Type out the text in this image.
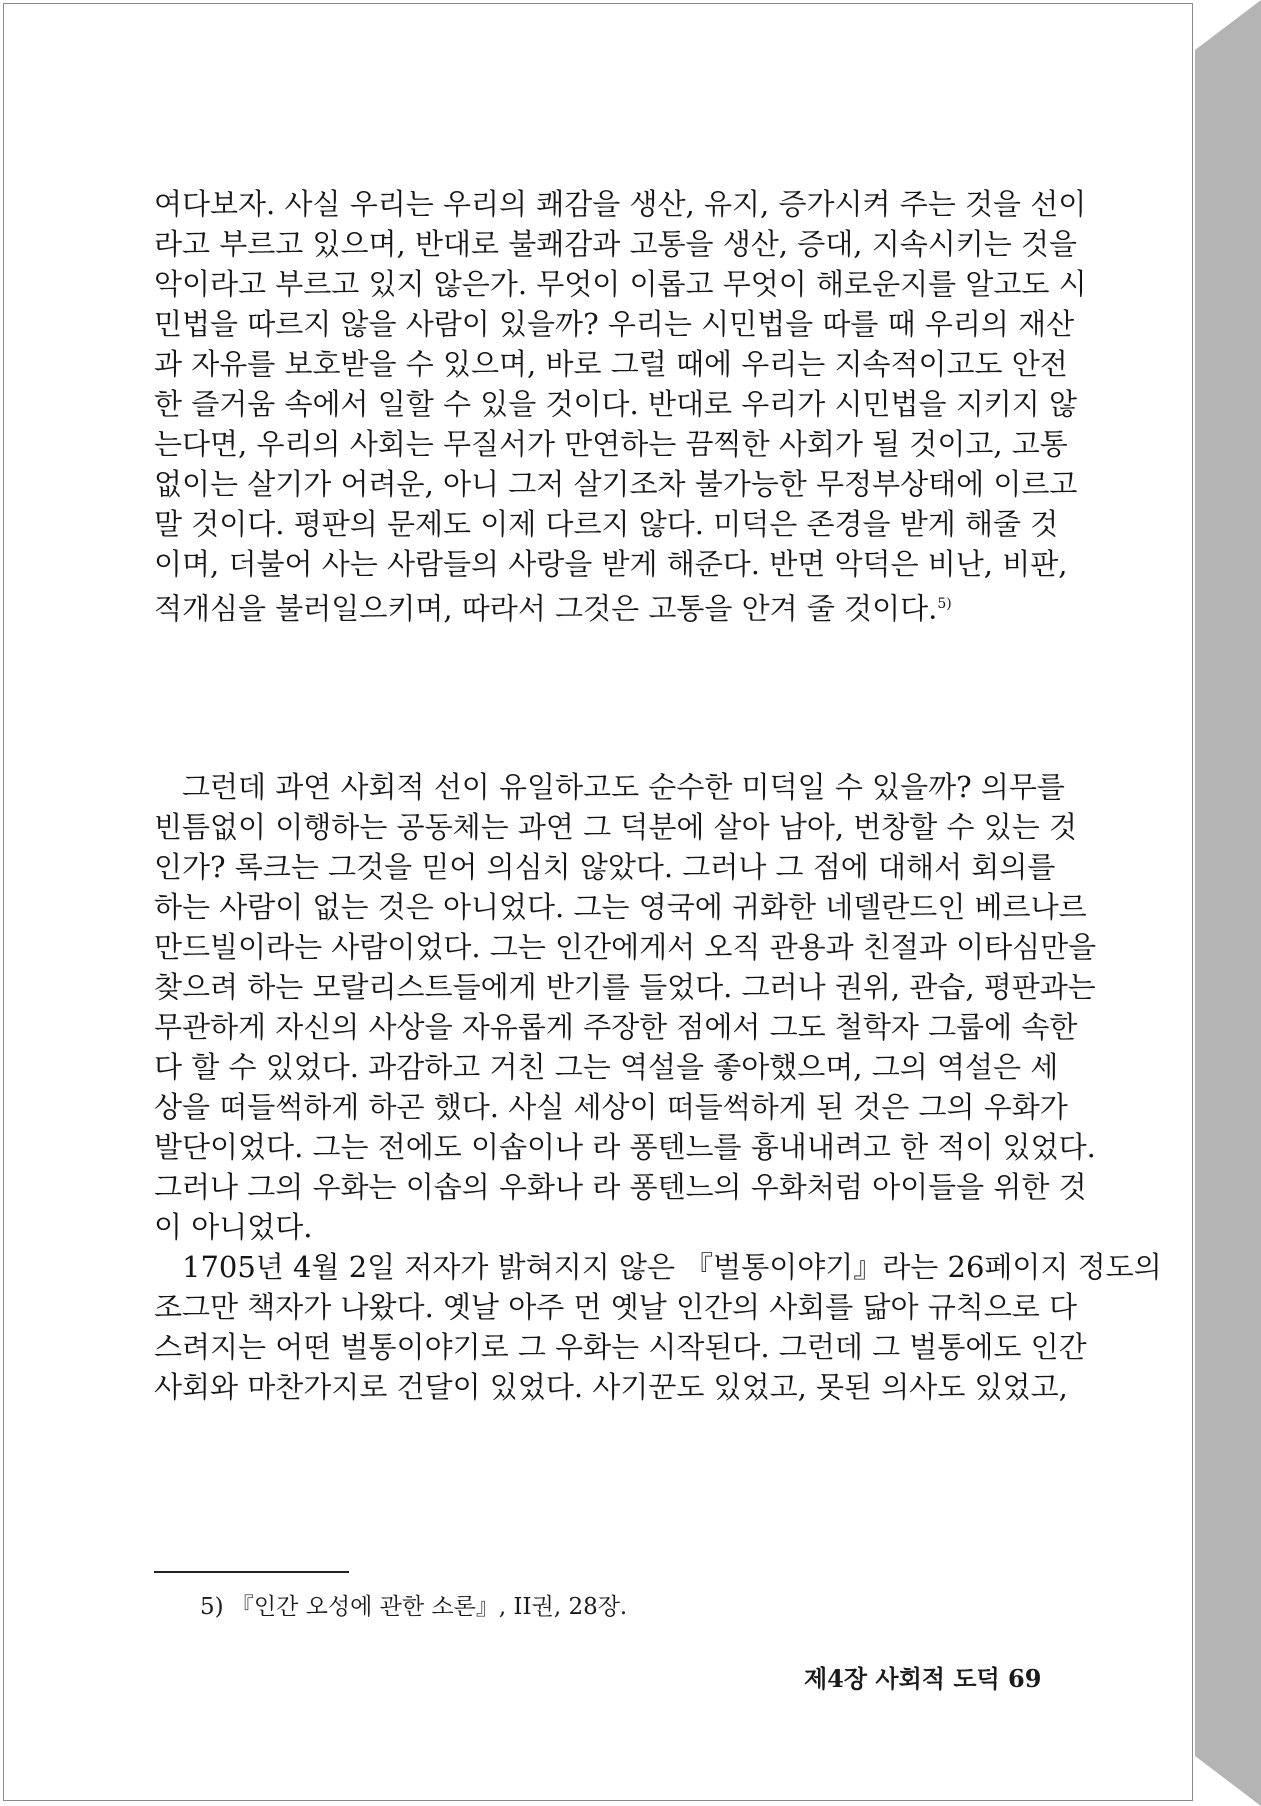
여다보자. 사실 우리는 우리의 쾌감을 생산, 유지, 증가시켜 주는 것을 선이
라고 부르고 있으며, 반대로 불쾌감과 고통을 생산, 증대, 지속시키는 것을
악이라고 부르고 있지 않은가. 무엇이 이롭고 무엇이 해로운지를 알고도 시
민법을 따르지 않을 사람이 있을까? 우리는 시민법을 따를 때 우리의 재산
과 자유를 보호받을 수 있으며, 바로 그럴 때에 우리는 지속적이고도 안전
한 즐거움 속에서 일할 수 있을 것이다. 반대로 우리가 시민법을 지키지 않
는다면, 우리의 사회는 무질서가 만연하는 끔찍한 사회가 될 것이고, 고통
없이는 살기가 어려운, 아니 그저 살기조차 불가능한 무정부상태에 이르고
말 것이다. 평판의 문제도 이제 다르지 않다. 미덕은 존경을 받게 해줄 것
이며, 더불어 사는 사람들의 사랑을 받게 해준다. 반면 악덕은 비난, 비판,
적개심을 불러일으키며, 따라서 그것은 고통을 안겨 줄 것이다.$^{5)}$
그런데 과연 사회적 선이 유일하고도 순수한 미덕일 수 있을까? 의무를
빈틈없이 이행하는 공동체는 과연 그 덕분에 살아 남아, 번창할 수 있는 것
인가? 록크는 그것을 믿어 의심치 않았다. 그러나 그 점에 대해서 회의를
하는 사람이 없는 것은 아니었다. 그는 영국에 귀화한 네델란드인 베르나르
만드빌이라는 사람이었다. 그는 인간에게서 오직 관용과 친절과 이타심만을
찾으려 하는 모랄리스트들에게 반기를 들었다. 그러나 권위, 관습, 평판과는
무관하게 자신의 사상을 자유롭게 주장한 점에서 그도 철학자 그룹에 속한
다 할 수 있었다. 과감하고 거친 그는 역설을 좋아했으며, 그의 역설은 세
상을 떠들썩하게 하곤 했다. 사실 세상이 떠들썩하게 된 것은 그의 우화가
발단이었다. 그는 전에도 이솝이나 라 퐁텐느를 흉내내려고 한 적이 있었다.
그러나 그의 우화는 이솝의 우화나 라 퐁텐느의 우화처럼 아이들을 위한 것
이 아니었다.
1705년 4월 2일 저자가 밝혀지지 않은 『벌통이야기』라는 26페이지 정도의
조그만 책자가 나왔다. 옛날 아주 먼 옛날 인간의 사회를 닮아 규칙으로 다
스려지는 어떤 벌통이야기로 그 우화는 시작된다. 그런데 그 벌통에도 인간
사회와 마찬가지로 건달이 있었다. 사기꾼도 있었고, 못된 의사도 있었고,
5) 『인간 오성에 관한 소론』, II권, 28장.
제4장 사회적 도덕 69
